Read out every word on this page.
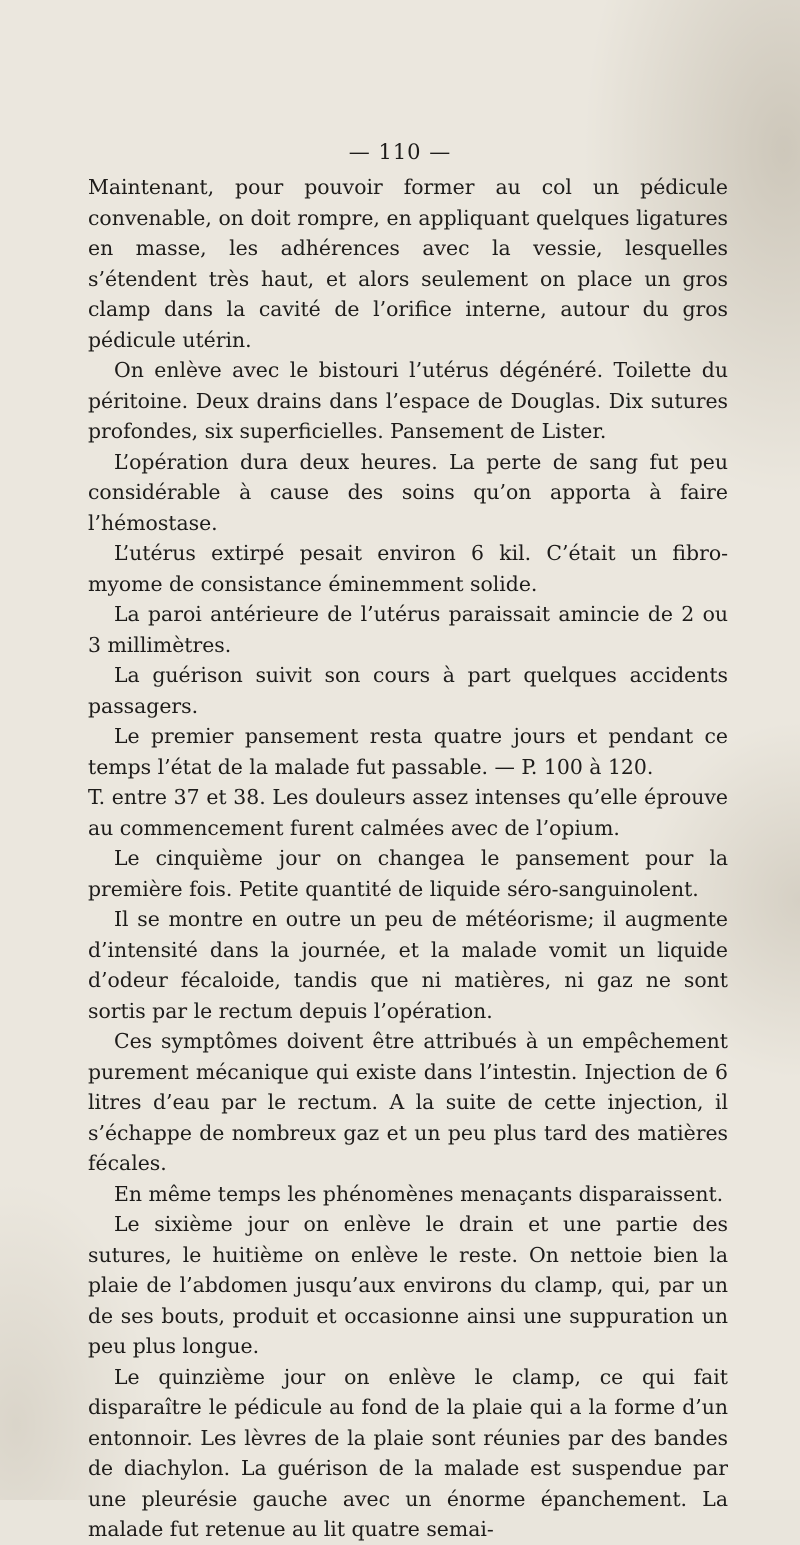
— 110 —

Maintenant, pour pouvoir former au col un pédicule convenable, on doit rompre, en appliquant quelques ligatures en masse, les adhérences avec la vessie, lesquelles s’étendent très haut, et alors seulement on place un gros clamp dans la cavité de l’orifice interne, autour du gros pédicule utérin.

On enlève avec le bistouri l’utérus dégénéré. Toilette du péritoine. Deux drains dans l’espace de Douglas. Dix sutures profondes, six superficielles. Pansement de Lister.

L’opération dura deux heures. La perte de sang fut peu considérable à cause des soins qu’on apporta à faire l’hémostase.

L’utérus extirpé pesait environ 6 kil. C’était un fibro-myome de consistance éminemment solide.

La paroi antérieure de l’utérus paraissait amincie de 2 ou 3 millimètres.

La guérison suivit son cours à part quelques accidents passagers.

Le premier pansement resta quatre jours et pendant ce temps l’état de la malade fut passable. — P. 100 à 120.

T. entre 37 et 38. Les douleurs assez intenses qu’elle éprouve au commencement furent calmées avec de l’opium.

Le cinquième jour on changea le pansement pour la première fois. Petite quantité de liquide séro-sanguinolent.

Il se montre en outre un peu de météorisme; il augmente d’intensité dans la journée, et la malade vomit un liquide d’odeur fécaloide, tandis que ni matières, ni gaz ne sont sortis par le rectum depuis l’opération.

Ces symptômes doivent être attribués à un empêchement purement mécanique qui existe dans l’intestin. Injection de 6 litres d’eau par le rectum. A la suite de cette injection, il s’échappe de nombreux gaz et un peu plus tard des matières fécales.

En même temps les phénomènes menaçants disparaissent.

Le sixième jour on enlève le drain et une partie des sutures, le huitième on enlève le reste. On nettoie bien la plaie de l’abdomen jusqu’aux environs du clamp, qui, par un de ses bouts, produit et occasionne ainsi une suppuration un peu plus longue.

Le quinzième jour on enlève le clamp, ce qui fait disparaître le pédicule au fond de la plaie qui a la forme d’un entonnoir. Les lèvres de la plaie sont réunies par des bandes de diachylon. La guérison de la malade est suspendue par une pleurésie gauche avec un énorme épanchement. La malade fut retenue au lit quatre semai-
